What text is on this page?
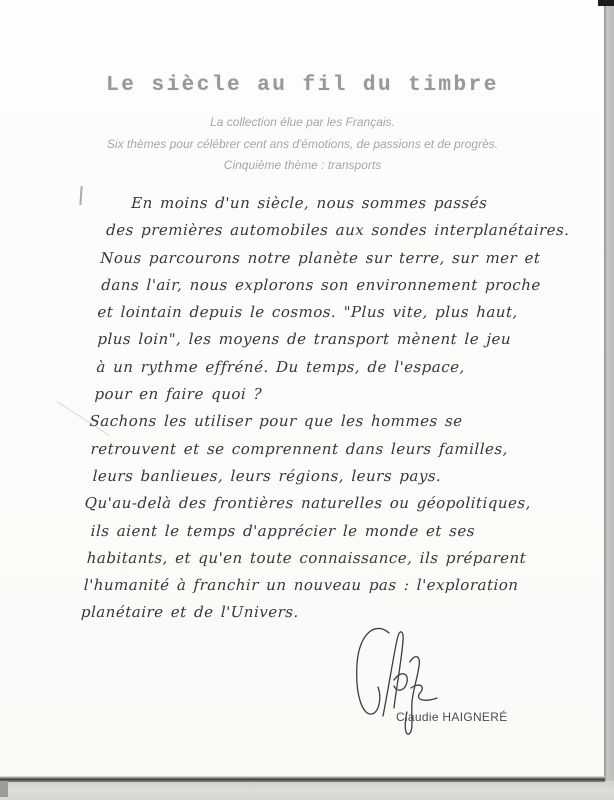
Le siècle au fil du timbre
La collection élue par les Français.
Six thèmes pour célébrer cent ans d'émotions, de passions et de progrès.
Cinquième thème : transports
En moins d'un siècle, nous sommes passés
des premières automobiles aux sondes interplanétaires.
Nous parcourons notre planète sur terre, sur mer et
dans l'air, nous explorons son environnement proche
et lointain depuis le cosmos. "Plus vite, plus haut,
plus loin", les moyens de transport mènent le jeu
à un rythme effréné. Du temps, de l'espace,
pour en faire quoi ?
Sachons les utiliser pour que les hommes se
retrouvent et se comprennent dans leurs familles,
leurs banlieues, leurs régions, leurs pays.
Qu'au-delà des frontières naturelles ou géopolitiques,
ils aient le temps d'apprécier le monde et ses
habitants, et qu'en toute connaissance, ils préparent
l'humanité à franchir un nouveau pas : l'exploration
planétaire et de l'Univers.
Claudie HAIGNERÉ
